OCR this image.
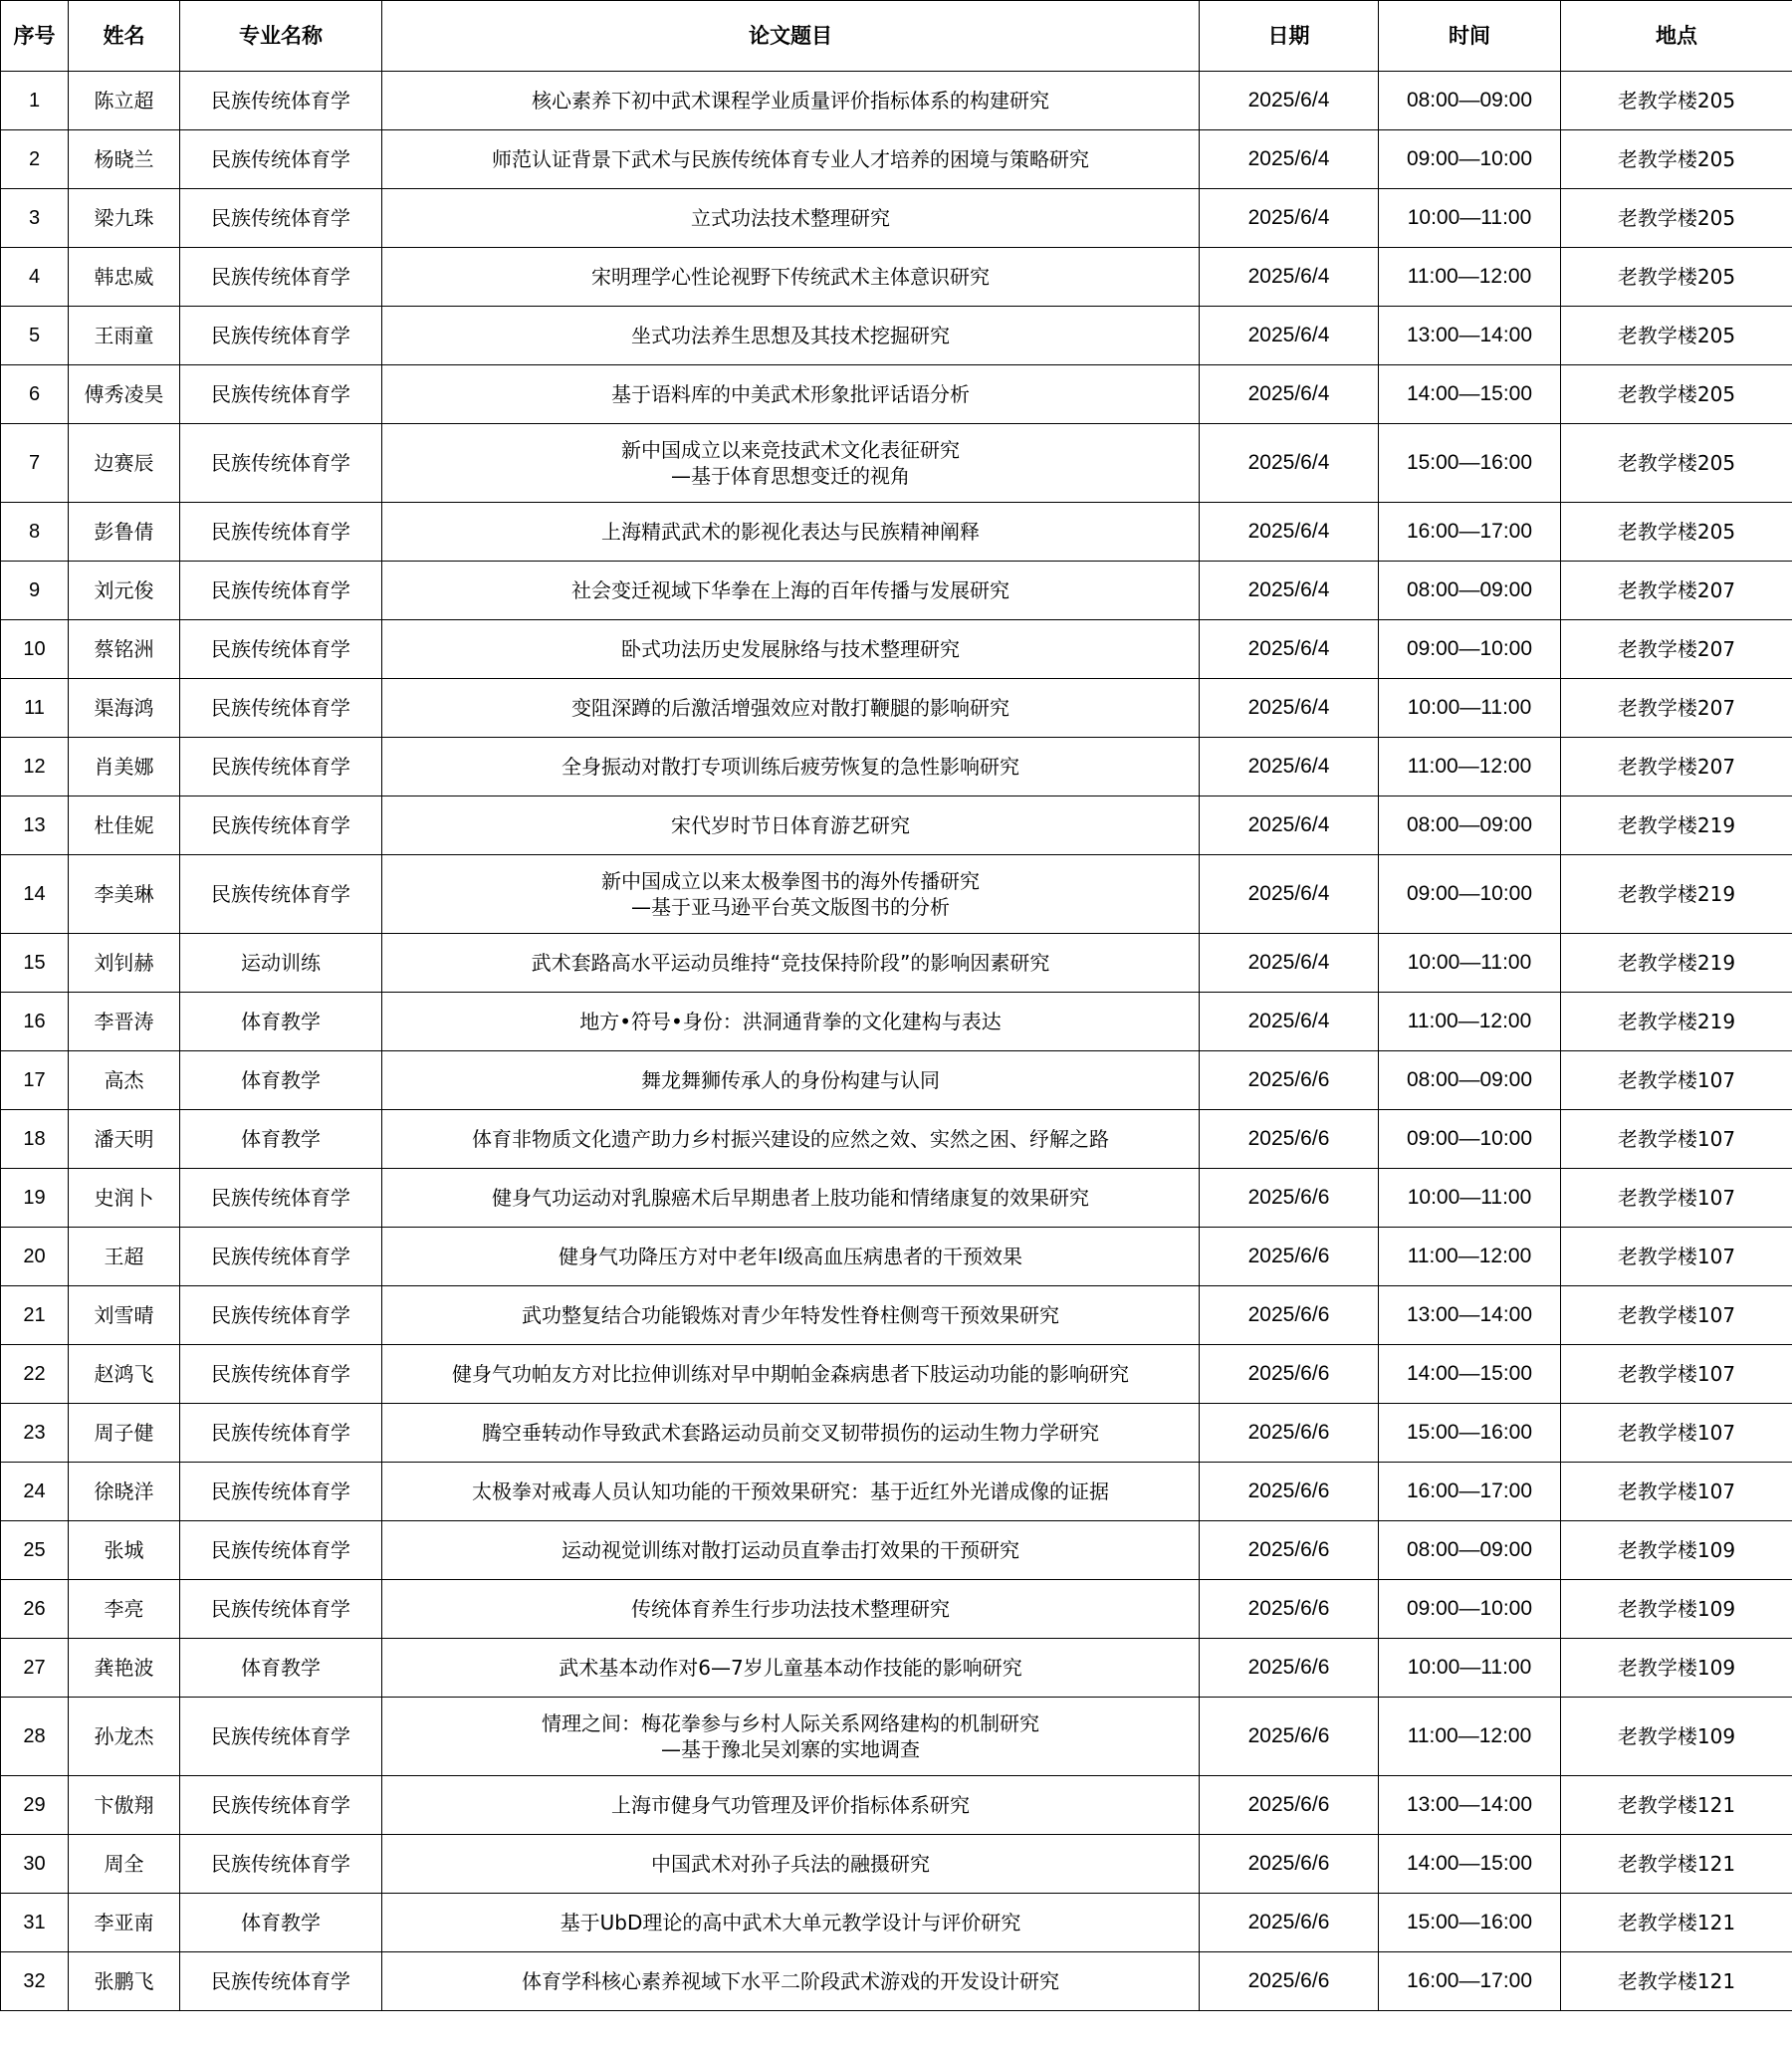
序号	姓名	专业名称	论文题目	日期	时间	地点
1	陈立超	民族传统体育学	核心素养下初中武术课程学业质量评价指标体系的构建研究	2025/6/4	08:00—09:00	老教学楼205
2	杨晓兰	民族传统体育学	师范认证背景下武术与民族传统体育专业人才培养的困境与策略研究	2025/6/4	09:00—10:00	老教学楼205
3	梁九珠	民族传统体育学	立式功法技术整理研究	2025/6/4	10:00—11:00	老教学楼205
4	韩忠威	民族传统体育学	宋明理学心性论视野下传统武术主体意识研究	2025/6/4	11:00—12:00	老教学楼205
5	王雨童	民族传统体育学	坐式功法养生思想及其技术挖掘研究	2025/6/4	13:00—14:00	老教学楼205
6	傅秀凌昊	民族传统体育学	基于语料库的中美武术形象批评话语分析	2025/6/4	14:00—15:00	老教学楼205
7	边赛辰	民族传统体育学	新中国成立以来竞技武术文化表征研究
—基于体育思想变迁的视角	2025/6/4	15:00—16:00	老教学楼205
8	彭鲁倩	民族传统体育学	上海精武武术的影视化表达与民族精神阐释	2025/6/4	16:00—17:00	老教学楼205
9	刘元俊	民族传统体育学	社会变迁视域下华拳在上海的百年传播与发展研究	2025/6/4	08:00—09:00	老教学楼207
10	蔡铭洲	民族传统体育学	卧式功法历史发展脉络与技术整理研究	2025/6/4	09:00—10:00	老教学楼207
11	渠海鸿	民族传统体育学	变阻深蹲的后激活增强效应对散打鞭腿的影响研究	2025/6/4	10:00—11:00	老教学楼207
12	肖美娜	民族传统体育学	全身振动对散打专项训练后疲劳恢复的急性影响研究	2025/6/4	11:00—12:00	老教学楼207
13	杜佳妮	民族传统体育学	宋代岁时节日体育游艺研究	2025/6/4	08:00—09:00	老教学楼219
14	李美琳	民族传统体育学	新中国成立以来太极拳图书的海外传播研究
—基于亚马逊平台英文版图书的分析	2025/6/4	09:00—10:00	老教学楼219
15	刘钊赫	运动训练	武术套路高水平运动员维持“竞技保持阶段”的影响因素研究	2025/6/4	10:00—11:00	老教学楼219
16	李晋涛	体育教学	地方•符号•身份：洪洞通背拳的文化建构与表达	2025/6/4	11:00—12:00	老教学楼219
17	高杰	体育教学	舞龙舞狮传承人的身份构建与认同	2025/6/6	08:00—09:00	老教学楼107
18	潘天明	体育教学	体育非物质文化遗产助力乡村振兴建设的应然之效、实然之困、纾解之路	2025/6/6	09:00—10:00	老教学楼107
19	史润卜	民族传统体育学	健身气功运动对乳腺癌术后早期患者上肢功能和情绪康复的效果研究	2025/6/6	10:00—11:00	老教学楼107
20	王超	民族传统体育学	健身气功降压方对中老年Ⅰ级高血压病患者的干预效果	2025/6/6	11:00—12:00	老教学楼107
21	刘雪晴	民族传统体育学	武功整复结合功能锻炼对青少年特发性脊柱侧弯干预效果研究	2025/6/6	13:00—14:00	老教学楼107
22	赵鸿飞	民族传统体育学	健身气功帕友方对比拉伸训练对早中期帕金森病患者下肢运动功能的影响研究	2025/6/6	14:00—15:00	老教学楼107
23	周子健	民族传统体育学	腾空垂转动作导致武术套路运动员前交叉韧带损伤的运动生物力学研究	2025/6/6	15:00—16:00	老教学楼107
24	徐晓洋	民族传统体育学	太极拳对戒毒人员认知功能的干预效果研究：基于近红外光谱成像的证据	2025/6/6	16:00—17:00	老教学楼107
25	张城	民族传统体育学	运动视觉训练对散打运动员直拳击打效果的干预研究	2025/6/6	08:00—09:00	老教学楼109
26	李亮	民族传统体育学	传统体育养生行步功法技术整理研究	2025/6/6	09:00—10:00	老教学楼109
27	龚艳波	体育教学	武术基本动作对6—7岁儿童基本动作技能的影响研究	2025/6/6	10:00—11:00	老教学楼109
28	孙龙杰	民族传统体育学	情理之间：梅花拳参与乡村人际关系网络建构的机制研究
—基于豫北吴刘寨的实地调查	2025/6/6	11:00—12:00	老教学楼109
29	卞傲翔	民族传统体育学	上海市健身气功管理及评价指标体系研究	2025/6/6	13:00—14:00	老教学楼121
30	周全	民族传统体育学	中国武术对孙子兵法的融摄研究	2025/6/6	14:00—15:00	老教学楼121
31	李亚南	体育教学	基于UbD理论的高中武术大单元教学设计与评价研究	2025/6/6	15:00—16:00	老教学楼121
32	张鹏飞	民族传统体育学	体育学科核心素养视域下水平二阶段武术游戏的开发设计研究	2025/6/6	16:00—17:00	老教学楼121
